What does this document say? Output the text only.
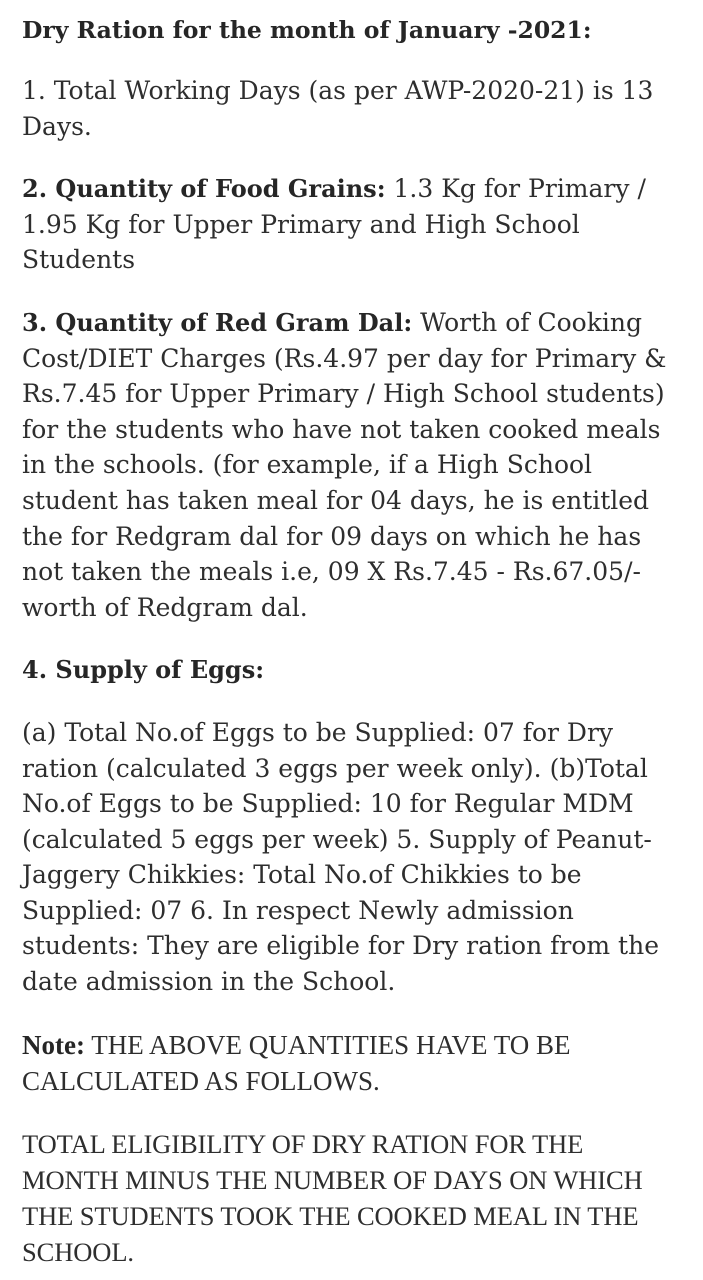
Dry Ration for the month of January -2021:

1. Total Working Days (as per AWP-2020-21) is 13 Days.

2. Quantity of Food Grains: 1.3 Kg for Primary / 1.95 Kg for Upper Primary and High School Students

3. Quantity of Red Gram Dal: Worth of Cooking Cost/DIET Charges (Rs.4.97 per day for Primary & Rs.7.45 for Upper Primary / High School students) for the students who have not taken cooked meals in the schools. (for example, if a High School student has taken meal for 04 days, he is entitled the for Redgram dal for 09 days on which he has not taken the meals i.e, 09 X Rs.7.45 - Rs.67.05/- worth of Redgram dal.

4. Supply of Eggs:

(a) Total No.of Eggs to be Supplied: 07 for Dry ration (calculated 3 eggs per week only). (b)Total No.of Eggs to be Supplied: 10 for Regular MDM (calculated 5 eggs per week) 5. Supply of Peanut-Jaggery Chikkies: Total No.of Chikkies to be Supplied: 07 6. In respect Newly admission students: They are eligible for Dry ration from the date admission in the School.

Note: THE ABOVE QUANTITIES HAVE TO BE CALCULATED AS FOLLOWS.

TOTAL ELIGIBILITY OF DRY RATION FOR THE MONTH MINUS THE NUMBER OF DAYS ON WHICH THE STUDENTS TOOK THE COOKED MEAL IN THE SCHOOL.
